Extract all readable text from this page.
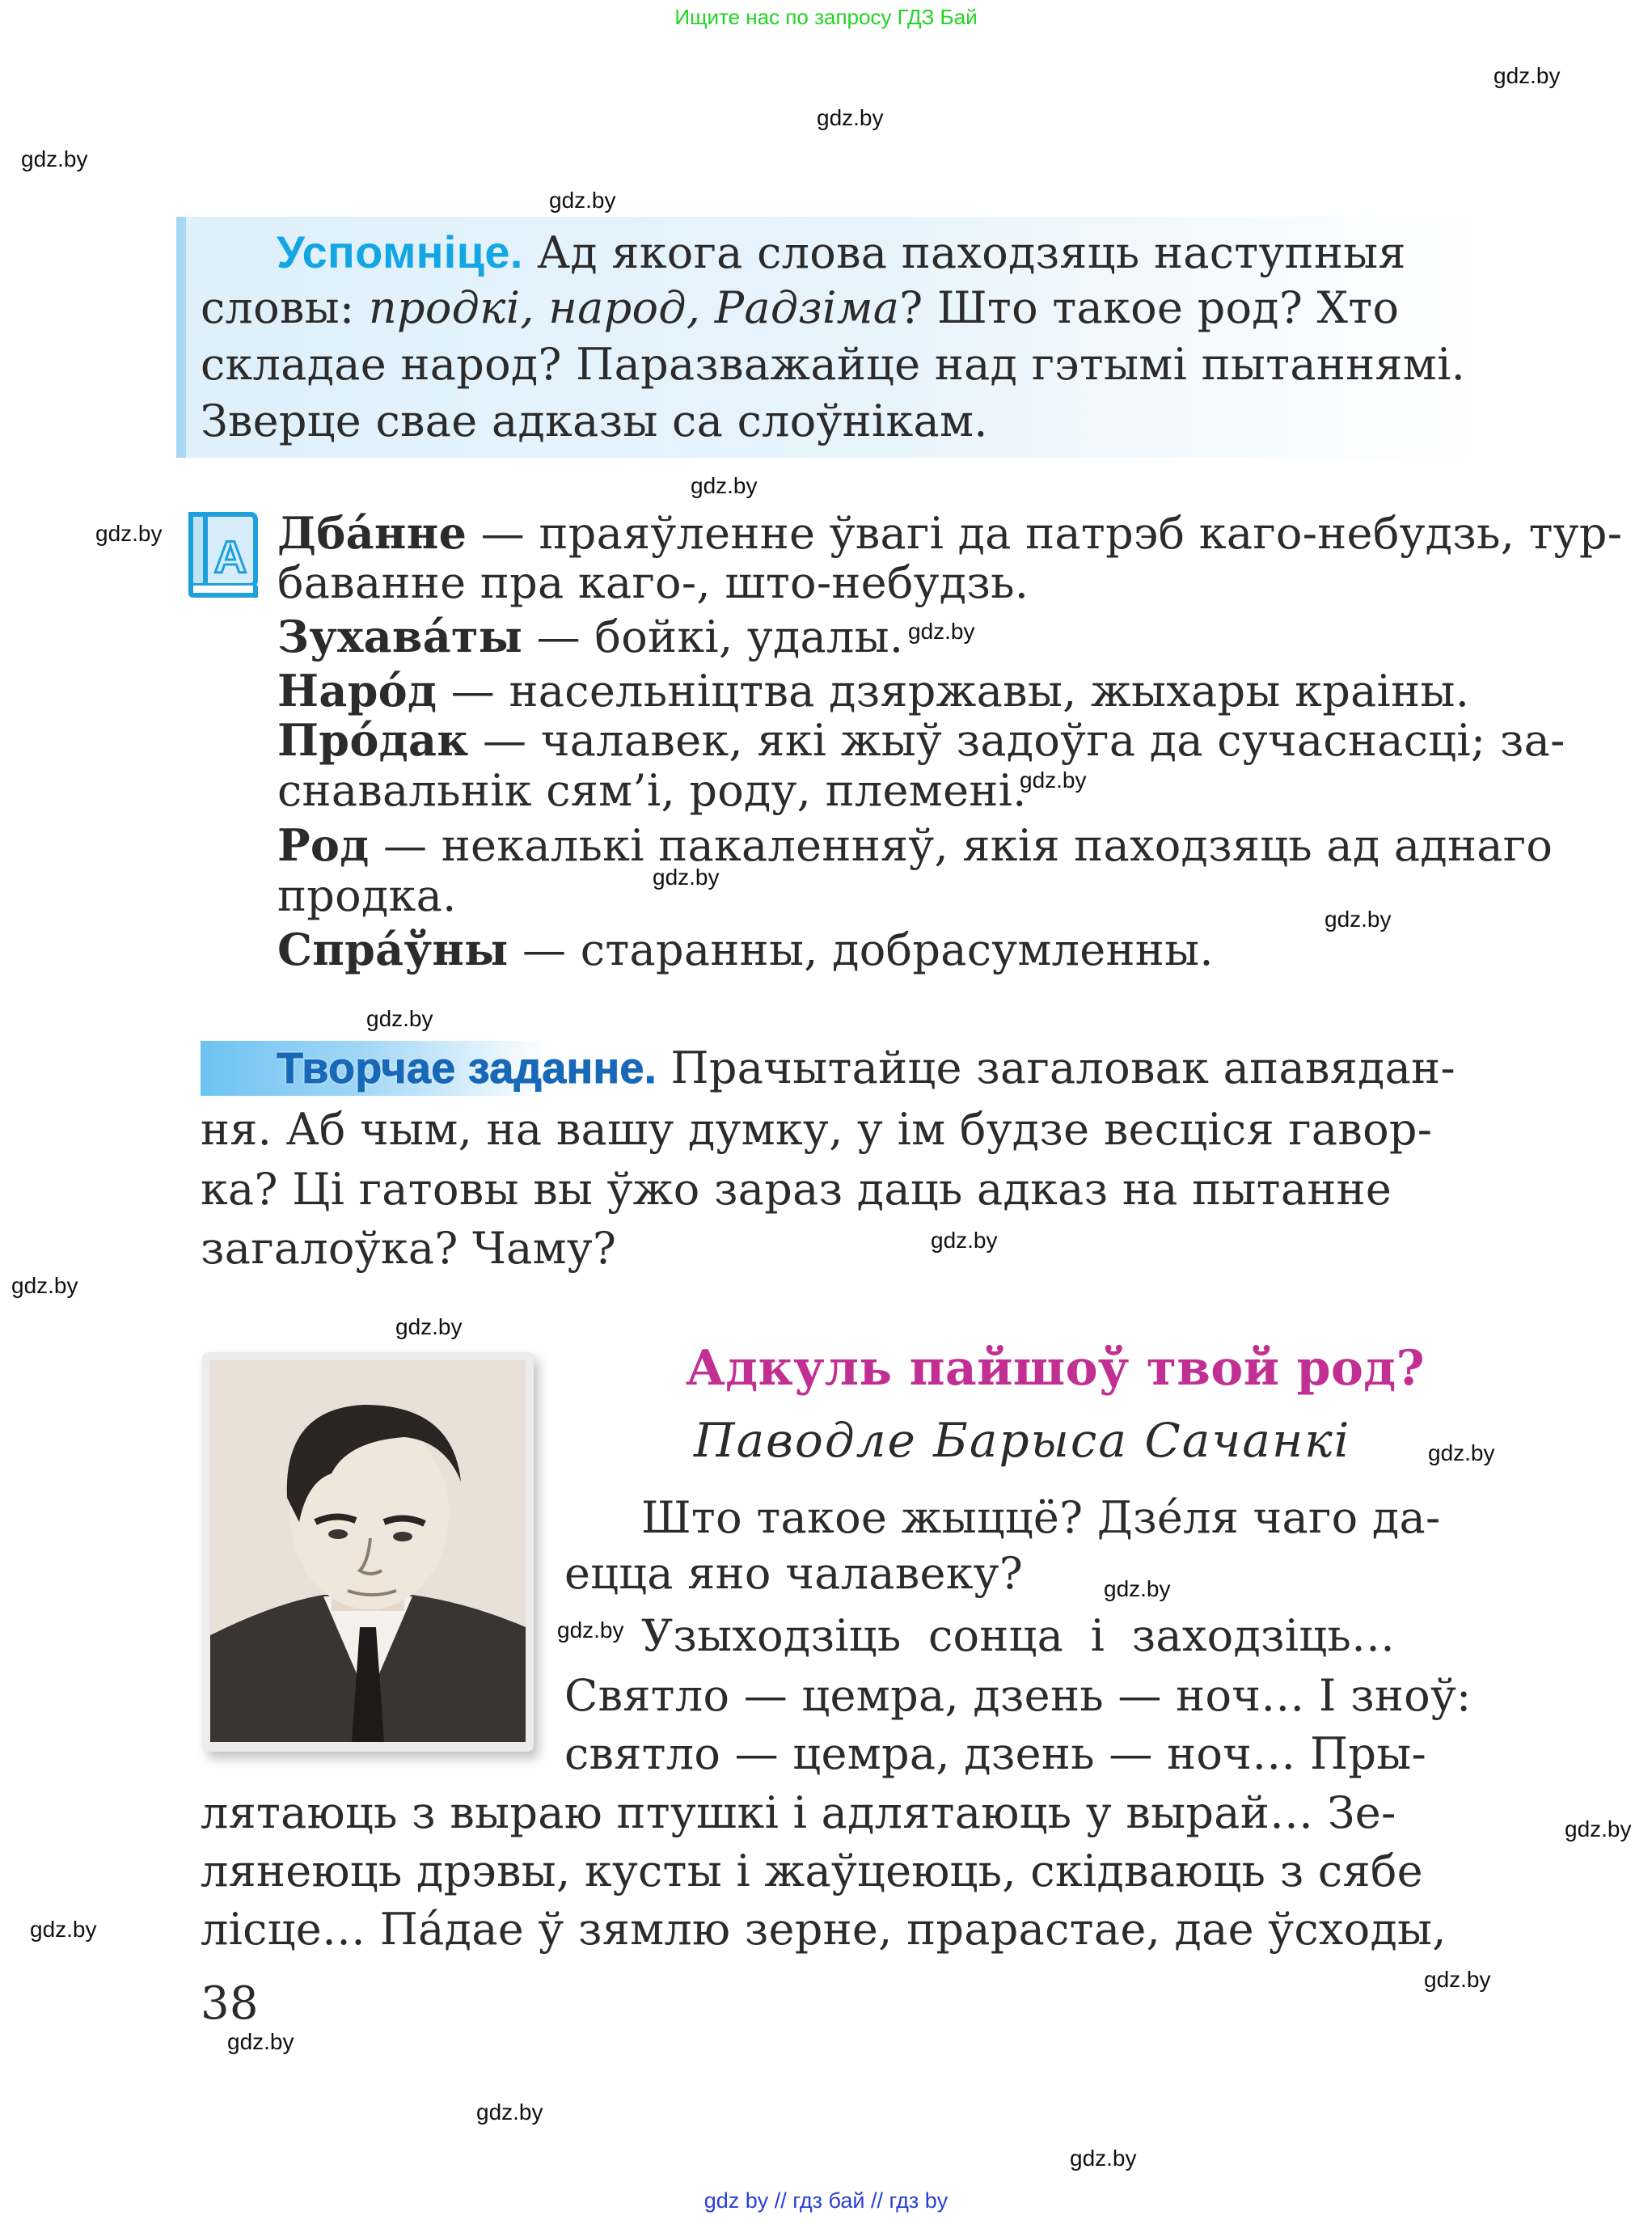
Ищите нас по запросу ГДЗ Бай
gdz.by
gdz.by
gdz.by
gdz.by
gdz.by
gdz.by
gdz.by
gdz.by
gdz.by
gdz.by
gdz.by
gdz.by
gdz.by
gdz.by
gdz.by
gdz.by
gdz.by
gdz.by
gdz.by
gdz.by
gdz.by
gdz.by
gdz.by
Успомніце. Ад якога слова паходзяць наступныя
словы: продкі, народ, Радзіма? Што такое род? Хто
складае народ? Паразважайце над гэтымі пытаннямі.
Зверце свае адказы са слоўнікам.
A Дба́нне — праяўленне ўвагі да патрэб каго-небудзь, тур-
баванне пра каго-, што-небудзь.
Зухава́ты — бойкі, удалы.
Наро́д — насельніцтва дзяржавы, жыхары краіны.
Про́дак — чалавек, які жыў задоўга да сучаснасці; за-
снавальнік сям’і, роду, племені.
Род — некалькі пакаленняў, якія паходзяць ад аднаго
продка.
Спра́ўны — старанны, добрасумленны.
Творчае заданне. Прачытайце загаловак апавядан-
ня. Аб чым, на вашу думку, у ім будзе весціся гавор-
ка? Ці гатовы вы ўжо зараз даць адказ на пытанне
загалоўка? Чаму?
Адкуль пайшоў твой род?
Паводле Барыса Сачанкі
Што такое жыццё? Дзе́ля чаго да-
ецца яно чалавеку?
Узыходзіць сонца і заходзіць…
Святло — цемра, дзень — ноч… І зноў:
святло — цемра, дзень — ноч… Пры-
лятаюць з выраю птушкі і адлятаюць у вырай… Зе-
лянеюць дрэвы, кусты і жаўцеюць, скідваюць з сябе
лісце… Па́дае ў зямлю зерне, прарастае, дае ўсходы,
38
gdz by // гдз бай // гдз by
